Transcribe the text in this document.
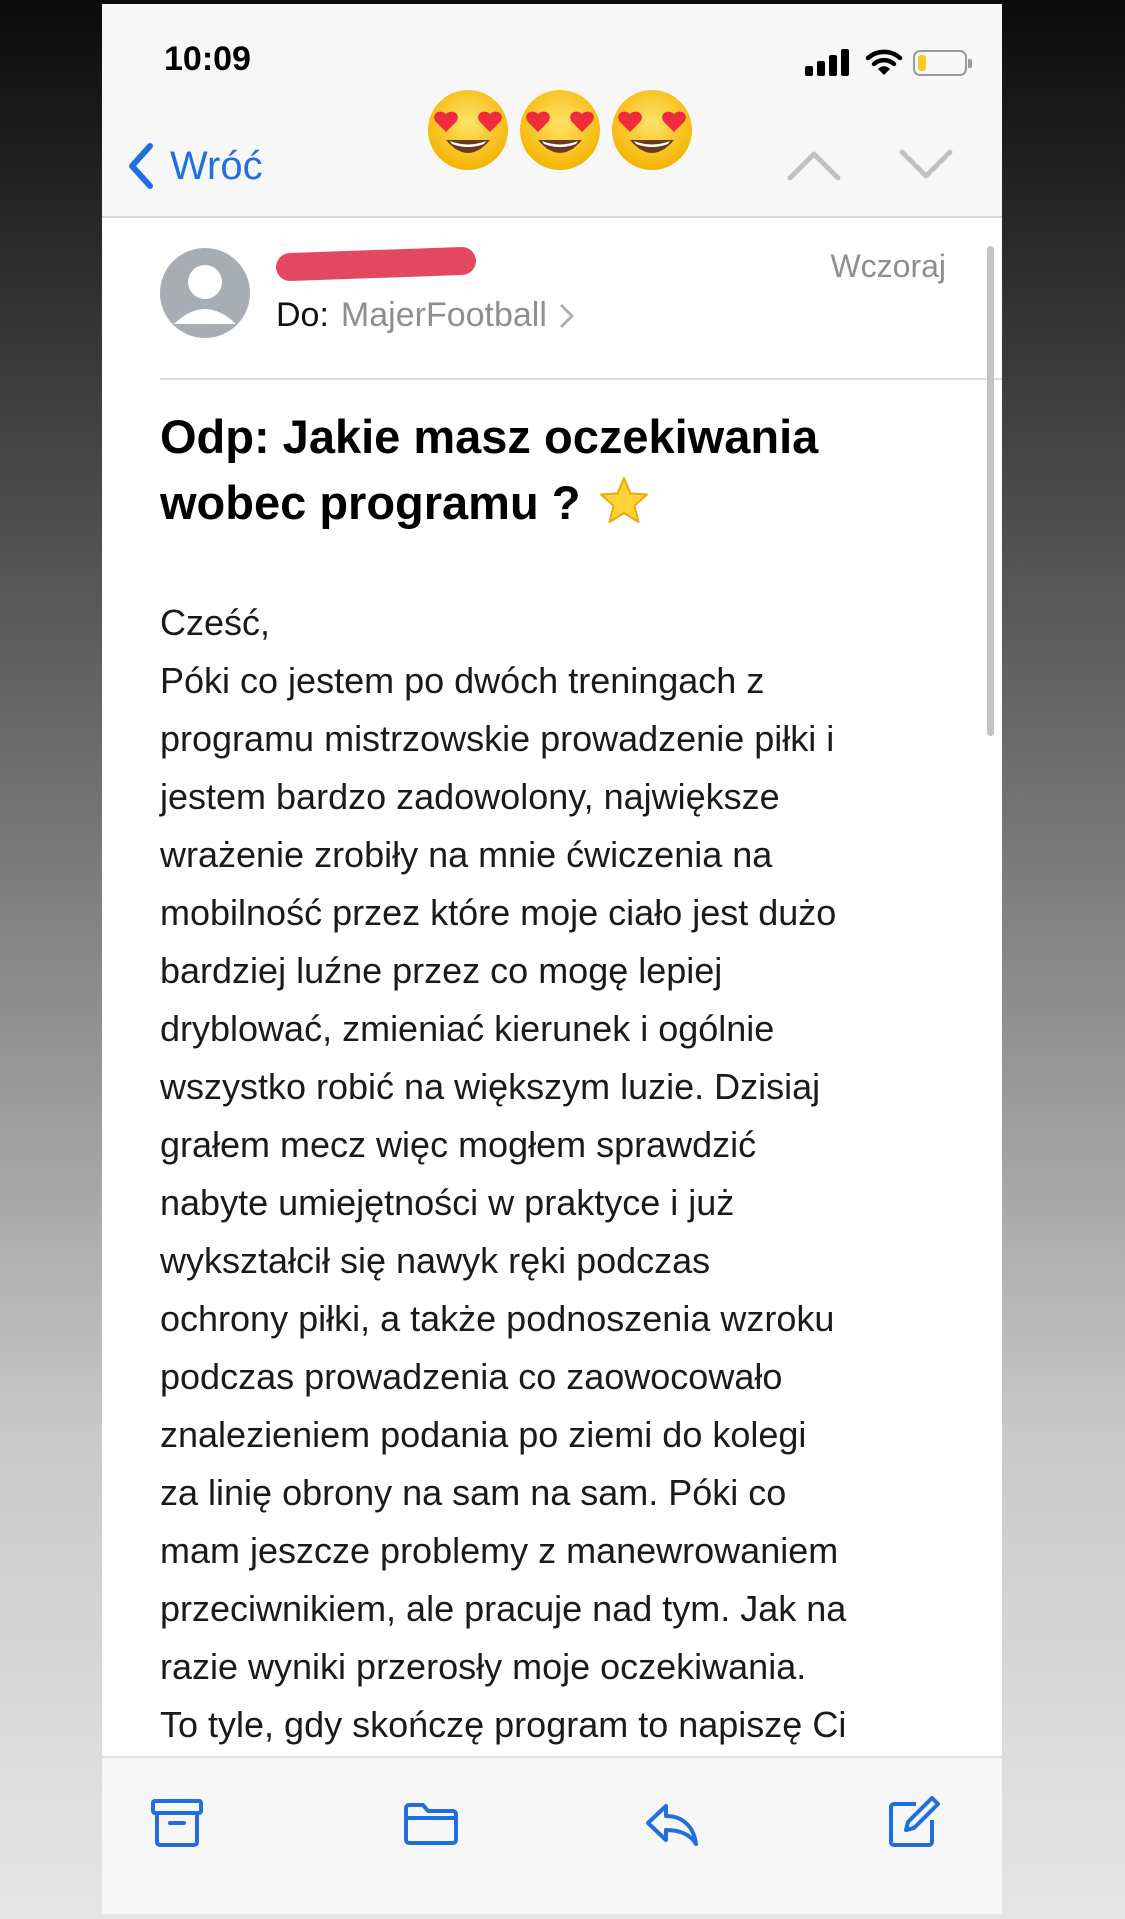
10:09
Wróć
Do: MajerFootball
Wczoraj
Odp: Jakie masz oczekiwania wobec programu ?
Cześć,
Póki co jestem po dwóch treningach z
programu mistrzowskie prowadzenie piłki i
jestem bardzo zadowolony, największe
wrażenie zrobiły na mnie ćwiczenia na
mobilność przez które moje ciało jest dużo
bardziej luźne przez co mogę lepiej
dryblować, zmieniać kierunek i ogólnie
wszystko robić na większym luzie. Dzisiaj
grałem mecz więc mogłem sprawdzić
nabyte umiejętności w praktyce i już
wykształcił się nawyk ręki podczas
ochrony piłki, a także podnoszenia wzroku
podczas prowadzenia co zaowocowało
znalezieniem podania po ziemi do kolegi
za linię obrony na sam na sam. Póki co
mam jeszcze problemy z manewrowaniem
przeciwnikiem, ale pracuje nad tym. Jak na
razie wyniki przerosły moje oczekiwania.
To tyle, gdy skończę program to napiszę Ci
